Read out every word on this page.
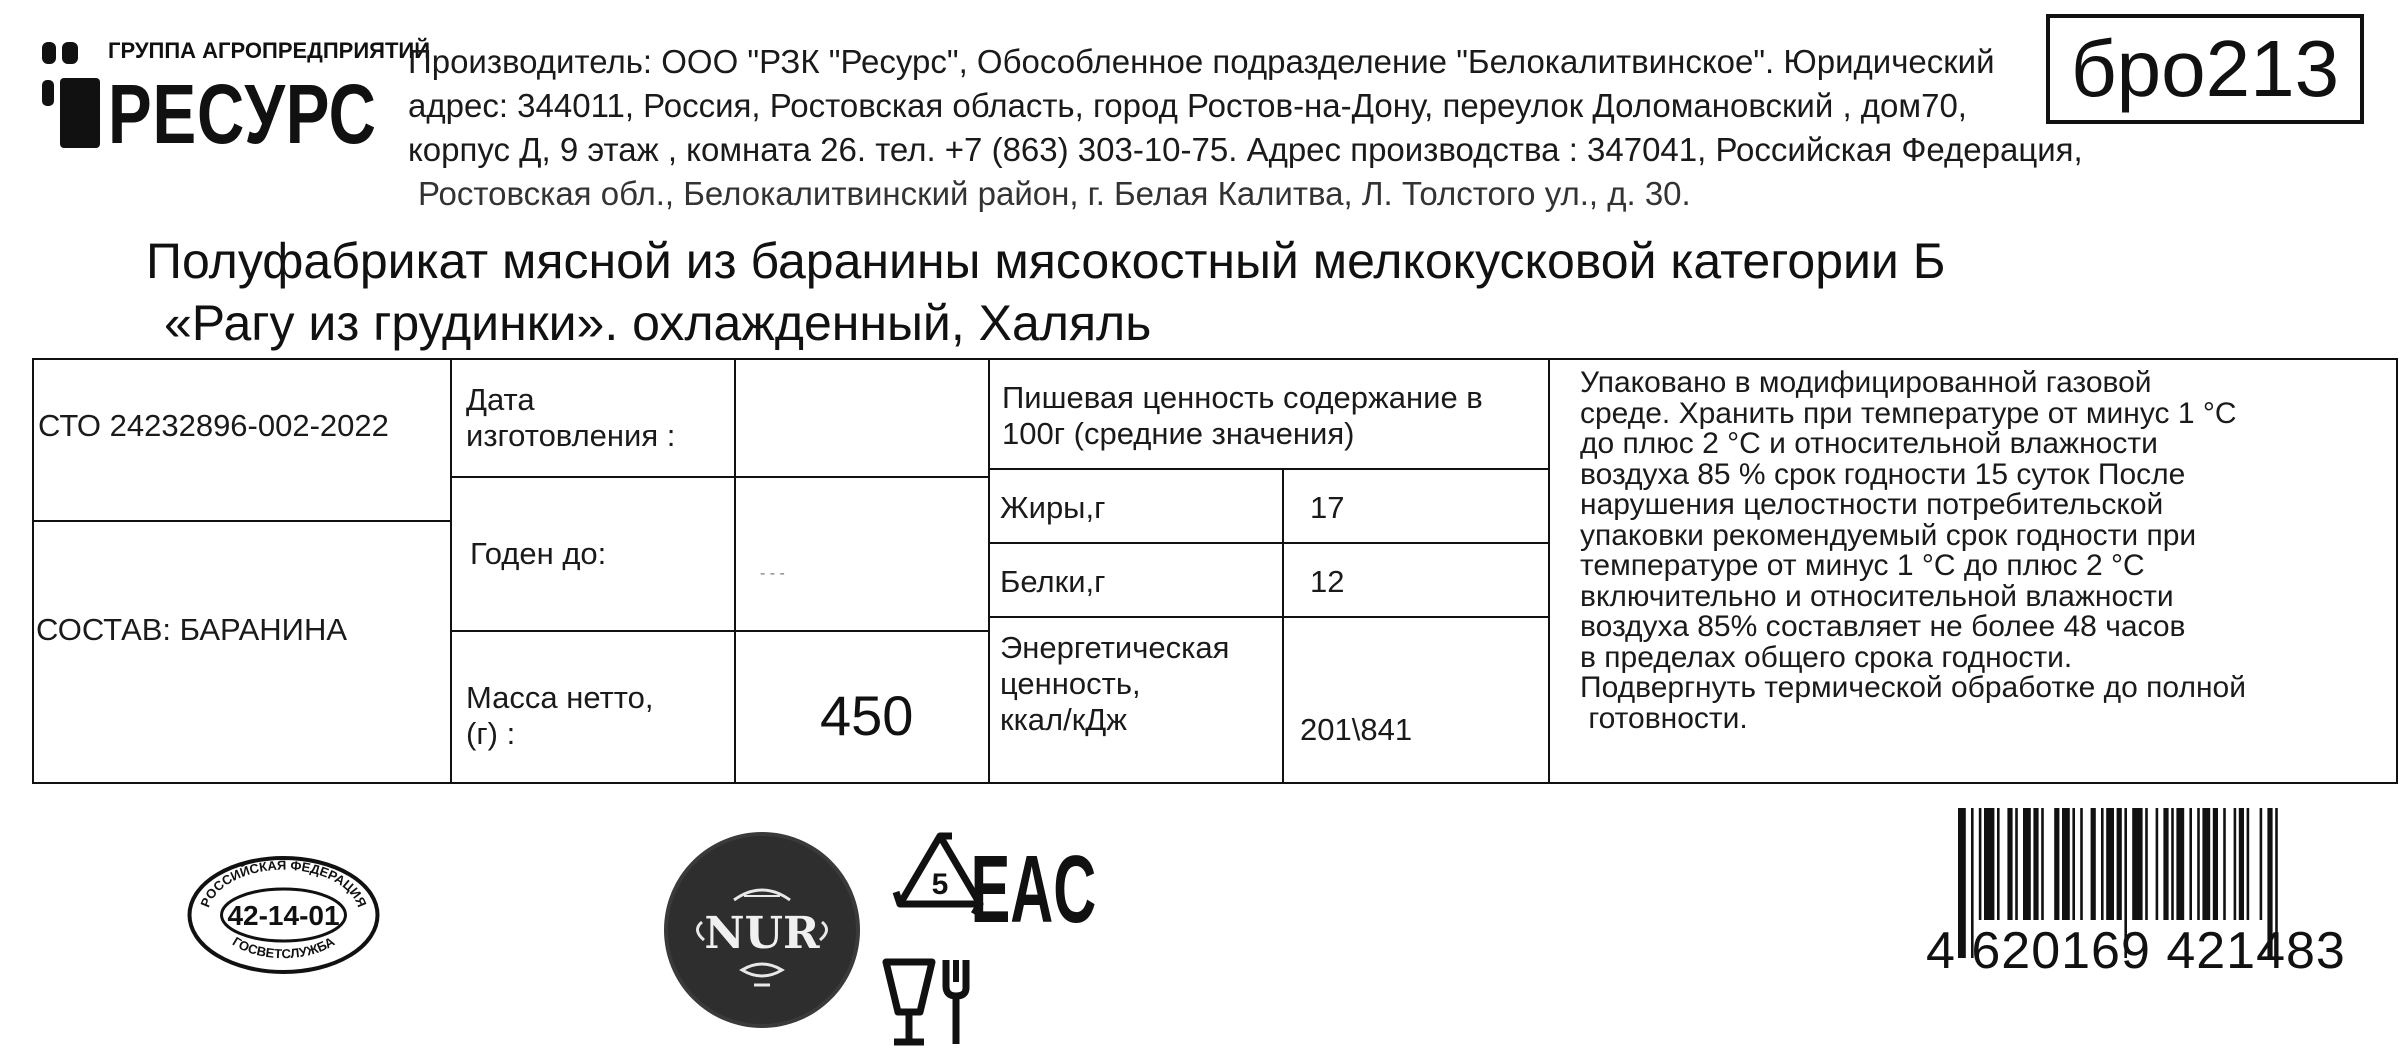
ГРУППА АГРОПРЕДПРИЯТИЙ
РЕСУРС
Производитель: ООО "РЗК "Ресурс", Обособленное подразделение "Белокалитвинское". Юридический
адрес: 344011, Россия, Ростовская область, город Ростов-на-Дону, переулок Доломановский , дом70,
корпус Д, 9 этаж , комната 26. тел. +7 (863) 303-10-75. Адрес производства : 347041, Российская Федерация,
Ростовская обл., Белокалитвинский район, г. Белая Калитва, Л. Толстого ул., д. 30.
бро213
Полуфабрикат мясной из баранины мясокостный мелкокусковой категории Б
«Рагу из грудинки». охлажденный, Халяль
СТО 24232896-002-2022
СОСТАВ: БАРАНИНА
Дата
изготовления :
Годен до:
- - -
Масса нетто,
(г) :	450
Пишевая ценность содержание в
100г (средние значения)
Жиры,г	17
Белки,г	12
Энергетическая
ценность,
ккал/кДж	201\841
Упаковано в модифицированной газовой
среде. Хранить при температуре от минус 1 °С
до плюс 2 °С и относительной влажности
воздуха 85 % срок годности 15 суток После
нарушения целостности потребительской
упаковки рекомендуемый срок годности при
температуре от минус 1 °С до плюс 2 °С
включительно и относительной влажности
воздуха 85% составляет не более 48 часов
в пределах общего срока годности.
Подвергнуть термической обработке до полной
готовности.
РОССИЙСКАЯ ФЕДЕРАЦИЯ
ГОСВЕТСЛУЖБА
42-14-01	NUR
5 EAC
4 620169 421483
